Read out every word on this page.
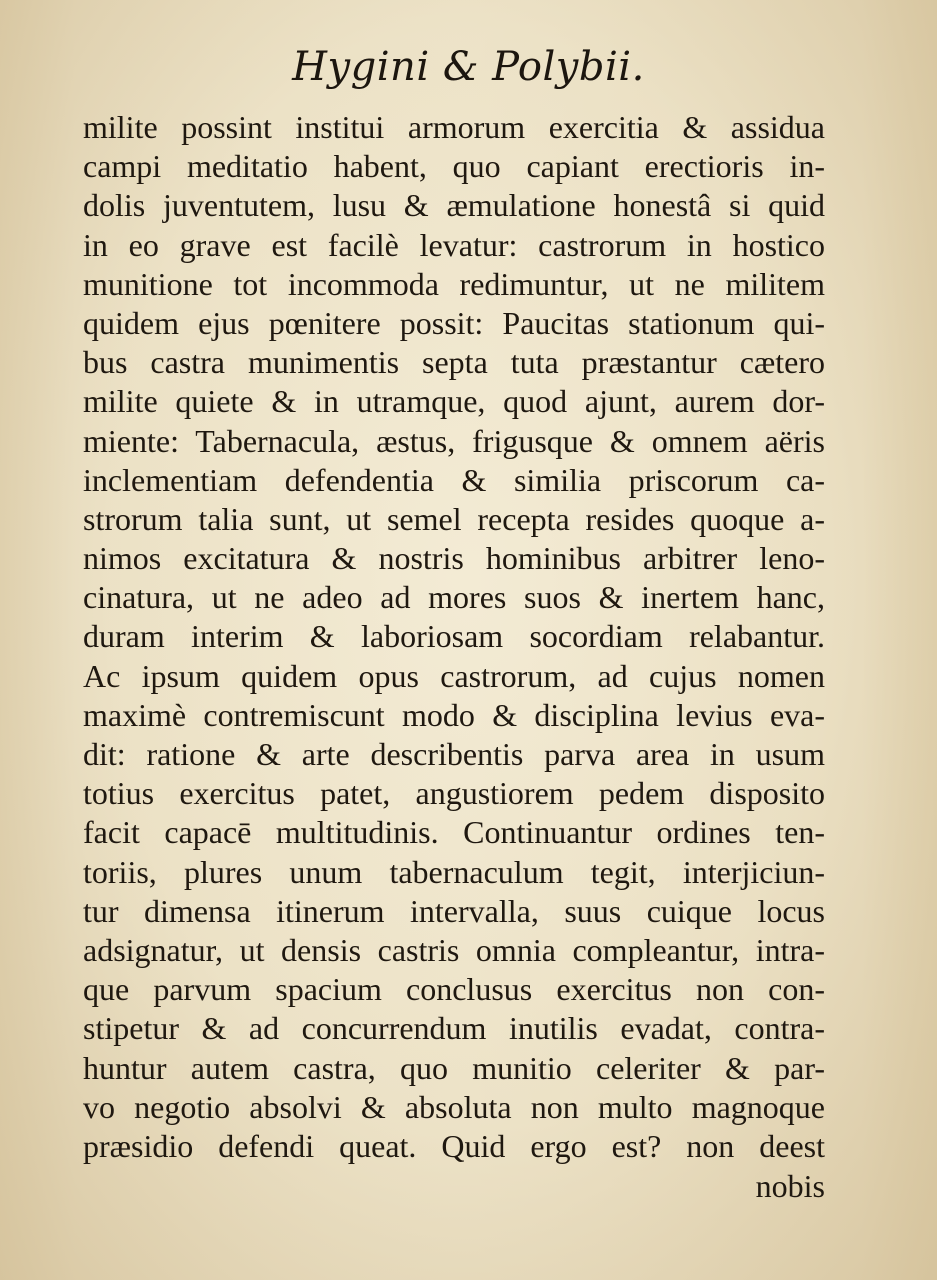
Hygini & Polybii.
milite possint institui armorum exercitia & assidua
campi meditatio habent, quo capiant erectioris in-
dolis juventutem, lusu & æmulatione honestâ si quid
in eo grave est facilè levatur: castrorum in hostico
munitione tot incommoda redimuntur, ut ne militem
quidem ejus pœnitere possit: Paucitas stationum qui-
bus castra munimentis septa tuta præstantur cætero
milite quiete & in utramque, quod ajunt, aurem dor-
miente: Tabernacula, æstus, frigusque & omnem aëris
inclementiam defendentia & similia priscorum ca-
strorum talia sunt, ut semel recepta resides quoque a-
nimos excitatura & nostris hominibus arbitrer leno-
cinatura, ut ne adeo ad mores suos & inertem hanc,
duram interim & laboriosam socordiam relabantur.
Ac ipsum quidem opus castrorum, ad cujus nomen
maximè contremiscunt modo & disciplina levius eva-
dit: ratione & arte describentis parva area in usum
totius exercitus patet, angustiorem pedem disposito
facit capacē multitudinis. Continuantur ordines ten-
toriis, plures unum tabernaculum tegit, interjiciun-
tur dimensa itinerum intervalla, suus cuique locus
adsignatur, ut densis castris omnia compleantur, intra-
que parvum spacium conclusus exercitus non con-
stipetur & ad concurrendum inutilis evadat, contra-
huntur autem castra, quo munitio celeriter & par-
vo negotio absolvi & absoluta non multo magnoque
præsidio defendi queat. Quid ergo est? non deest
nobis
